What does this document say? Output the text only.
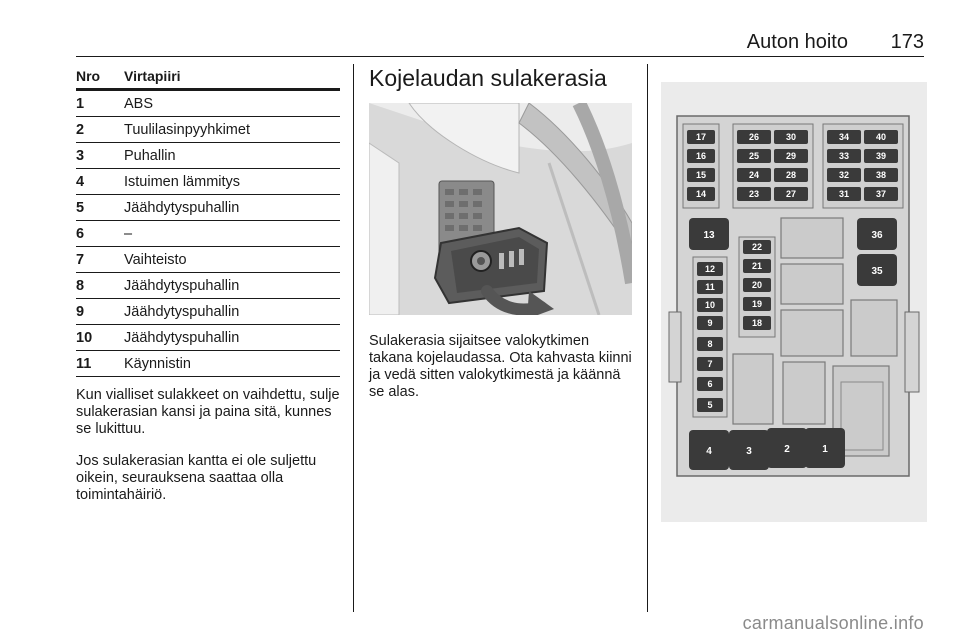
Auton hoito 173
Nro	Virtapiiri
1	ABS
2	Tuulilasinpyyhkimet
3	Puhallin
4	Istuimen lämmitys
5	Jäähdytyspuhallin
6	–
7	Vaihteisto
8	Jäähdytyspuhallin
9	Jäähdytyspuhallin
10	Jäähdytyspuhallin
11	Käynnistin

Kun vialliset sulakkeet on vaihdettu, sulje sulakerasian kansi ja paina sitä, kunnes se lukittuu.

Jos sulakerasian kantta ei ole suljettu oikein, seurauksena saattaa olla toimintahäiriö.

Kojelaudan sulakerasia

Sulakerasia sijaitsee valokytkimen takana kojelaudassa. Ota kahvasta kiinni ja vedä sitten valokytkimestä ja käännä se alas.

17
16
15
14
26
25
24
23
30
29
28
27
34
33
32
31
40
39
38
37
13	36
35
12
11
10
9
8
7
6
5
22
21
20
19
18
4	3	2	1
carmanualsonline.info
